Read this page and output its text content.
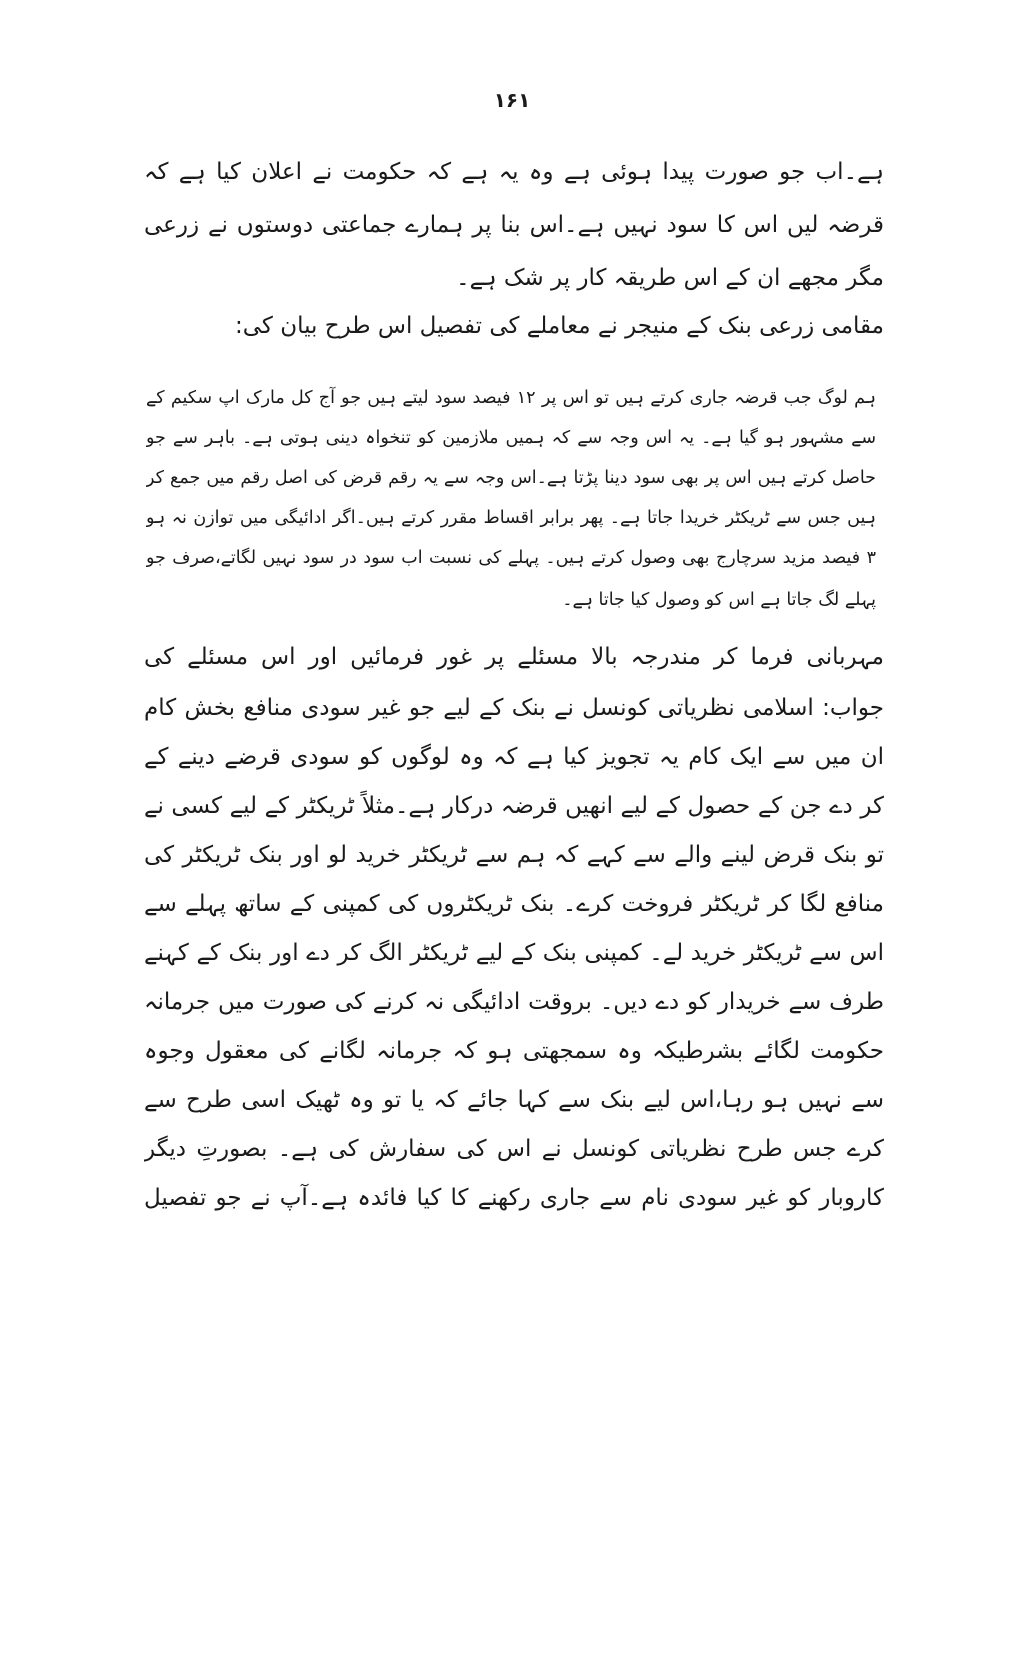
۱۶۱
ہے۔اب جو صورت پیدا ہوئی ہے وہ یہ ہے کہ حکومت نے اعلان کیا ہے کہ
قرضہ لیں اس کا سود نہیں ہے۔اس بنا پر ہمارے جماعتی دوستوں نے زرعی
مگر مجھے ان کے اس طریقہ کار پر شک ہے۔
مقامی زرعی بنک کے منیجر نے معاملے کی تفصیل اس طرح بیان کی:
ہم لوگ جب قرضہ جاری کرتے ہیں تو اس پر ۱۲ فیصد سود لیتے ہیں جو آج کل مارک اپ سکیم کے
سے مشہور ہو گیا ہے۔ یہ اس وجہ سے کہ ہمیں ملازمین کو تنخواہ دینی ہوتی ہے۔ باہر سے جو
حاصل کرتے ہیں اس پر بھی سود دینا پڑتا ہے۔اس وجہ سے یہ رقم قرض کی اصل رقم میں جمع کر
ہیں جس سے ٹریکٹر خریدا جاتا ہے۔ پھر برابر اقساط مقرر کرتے ہیں۔اگر ادائیگی میں توازن نہ ہو
۳ فیصد مزید سرچارج بھی وصول کرتے ہیں۔ پہلے کی نسبت اب سود در سود نہیں لگاتے،صرف جو
پہلے لگ جاتا ہے اس کو وصول کیا جاتا ہے۔
مہربانی فرما کر مندرجہ بالا مسئلے پر غور فرمائیں اور اس مسئلے کی
جواب: اسلامی نظریاتی کونسل نے بنک کے لیے جو غیر سودی منافع بخش کام
ان میں سے ایک کام یہ تجویز کیا ہے کہ وہ لوگوں کو سودی قرضے دینے کے
کر دے جن کے حصول کے لیے انھیں قرضہ درکار ہے۔مثلاً ٹریکٹر کے لیے کسی نے
تو بنک قرض لینے والے سے کہے کہ ہم سے ٹریکٹر خرید لو اور بنک ٹریکٹر کی
منافع لگا کر ٹریکٹر فروخت کرے۔ بنک ٹریکٹروں کی کمپنی کے ساتھ پہلے سے
اس سے ٹریکٹر خرید لے۔ کمپنی بنک کے لیے ٹریکٹر الگ کر دے اور بنک کے کہنے
طرف سے خریدار کو دے دیں۔ بروقت ادائیگی نہ کرنے کی صورت میں جرمانہ
حکومت لگائے بشرطیکہ وہ سمجھتی ہو کہ جرمانہ لگانے کی معقول وجوہ
سے نہیں ہو رہا،اس لیے بنک سے کہا جائے کہ یا تو وہ ٹھیک اسی طرح سے
کرے جس طرح نظریاتی کونسل نے اس کی سفارش کی ہے۔ بصورتِ دیگر
کاروبار کو غیر سودی نام سے جاری رکھنے کا کیا فائدہ ہے۔آپ نے جو تفصیل
